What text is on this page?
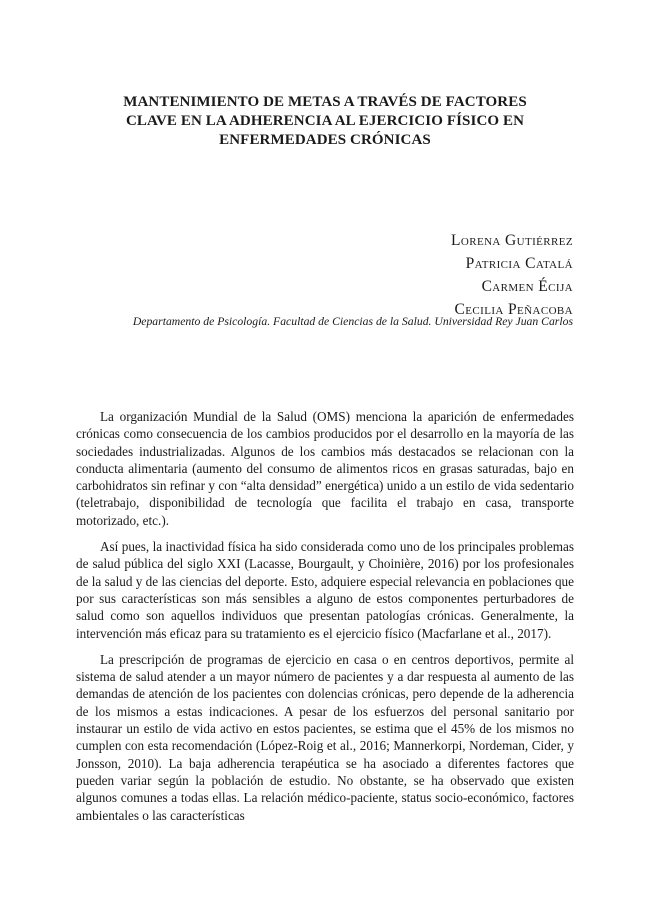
MANTENIMIENTO DE METAS A TRAVÉS DE FACTORES
CLAVE EN LA ADHERENCIA AL EJERCICIO FÍSICO EN
ENFERMEDADES CRÓNICAS
Lorena Gutiérrez
Patricia Catalá
Carmen Écija
Cecilia Peñacoba
Departamento de Psicología. Facultad de Ciencias de la Salud. Universidad Rey Juan Carlos

La organización Mundial de la Salud (OMS) menciona la aparición de enfermedades crónicas como consecuencia de los cambios producidos por el desarrollo en la mayoría de las sociedades industrializadas. Algunos de los cambios más destacados se relacionan con la conducta alimentaria (aumento del consumo de alimentos ricos en grasas saturadas, bajo en carbohidratos sin refinar y con “alta densidad” energética) unido a un estilo de vida sedentario (teletrabajo, disponibilidad de tecnología que facilita el trabajo en casa, transporte motorizado, etc.).

Así pues, la inactividad física ha sido considerada como uno de los principales problemas de salud pública del siglo XXI (Lacasse, Bourgault, y Choinière, 2016) por los profesionales de la salud y de las ciencias del deporte. Esto, adquiere especial relevancia en poblaciones que por sus características son más sensibles a alguno de estos componentes perturbadores de salud como son aquellos individuos que presentan patologías crónicas. Generalmente, la intervención más eficaz para su tratamiento es el ejercicio físico (Macfarlane et al., 2017).

La prescripción de programas de ejercicio en casa o en centros deportivos, permite al sistema de salud atender a un mayor número de pacientes y a dar respuesta al aumento de las demandas de atención de los pacientes con dolencias crónicas, pero depende de la adherencia de los mismos a estas indicaciones. A pesar de los esfuerzos del personal sanitario por instaurar un estilo de vida activo en estos pacientes, se estima que el 45% de los mismos no cumplen con esta recomendación (López-Roig et al., 2016; Mannerkorpi, Nordeman, Cider, y Jonsson, 2010). La baja adherencia terapéutica se ha asociado a diferentes factores que pueden variar según la población de estudio. No obstante, se ha observado que existen algunos comunes a todas ellas. La relación médico-paciente, status socio-económico, factores ambientales o las características
